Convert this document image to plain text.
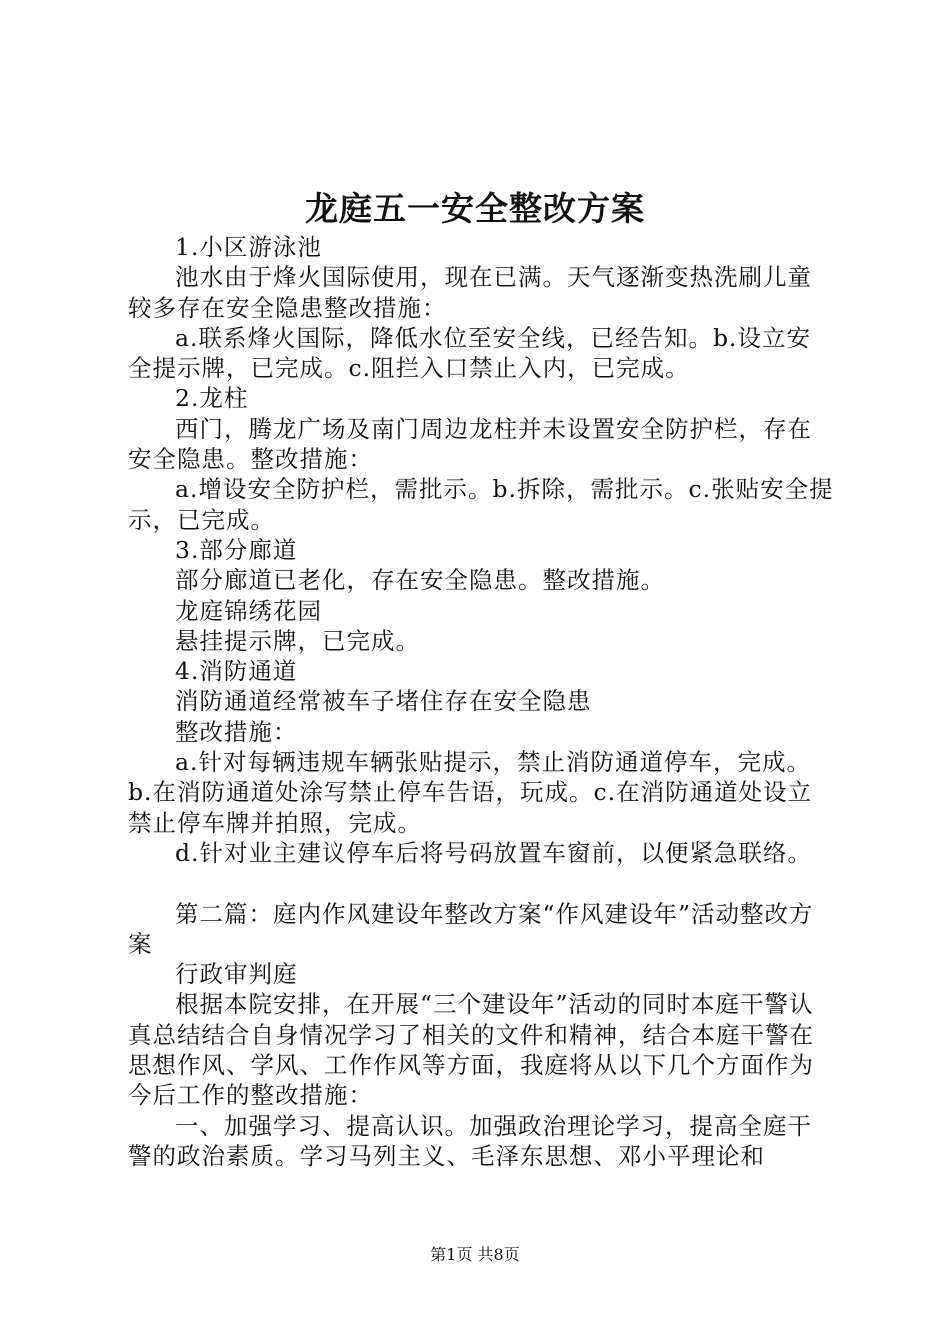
龙庭五一安全整改方案

1.小区游泳池

池水由于烽火国际使用，现在已满。天气逐渐变热洗刷儿童较多存在安全隐患整改措施：

a.联系烽火国际，降低水位至安全线，已经告知。b.设立安全提示牌，已完成。c.阻拦入口禁止入内，已完成。

2.龙柱

西门，腾龙广场及南门周边龙柱并未设置安全防护栏，存在安全隐患。整改措施：

a.增设安全防护栏，需批示。b.拆除，需批示。c.张贴安全提示，已完成。

3.部分廊道

部分廊道已老化，存在安全隐患。整改措施。

龙庭锦绣花园

悬挂提示牌，已完成。

4.消防通道

消防通道经常被车子堵住存在安全隐患

整改措施：

a.针对每辆违规车辆张贴提示，禁止消防通道停车，完成。b.在消防通道处涂写禁止停车告语，玩成。c.在消防通道处设立禁止停车牌并拍照，完成。

d.针对业主建议停车后将号码放置车窗前，以便紧急联络。

第二篇：庭内作风建设年整改方案“作风建设年”活动整改方案

行政审判庭

根据本院安排，在开展“三个建设年”活动的同时本庭干警认真总结结合自身情况学习了相关的文件和精神，结合本庭干警在思想作风、学风、工作作风等方面，我庭将从以下几个方面作为今后工作的整改措施：

一、加强学习、提高认识。加强政治理论学习，提高全庭干警的政治素质。学习马列主义、毛泽东思想、邓小平理论和

第1页 共8页
